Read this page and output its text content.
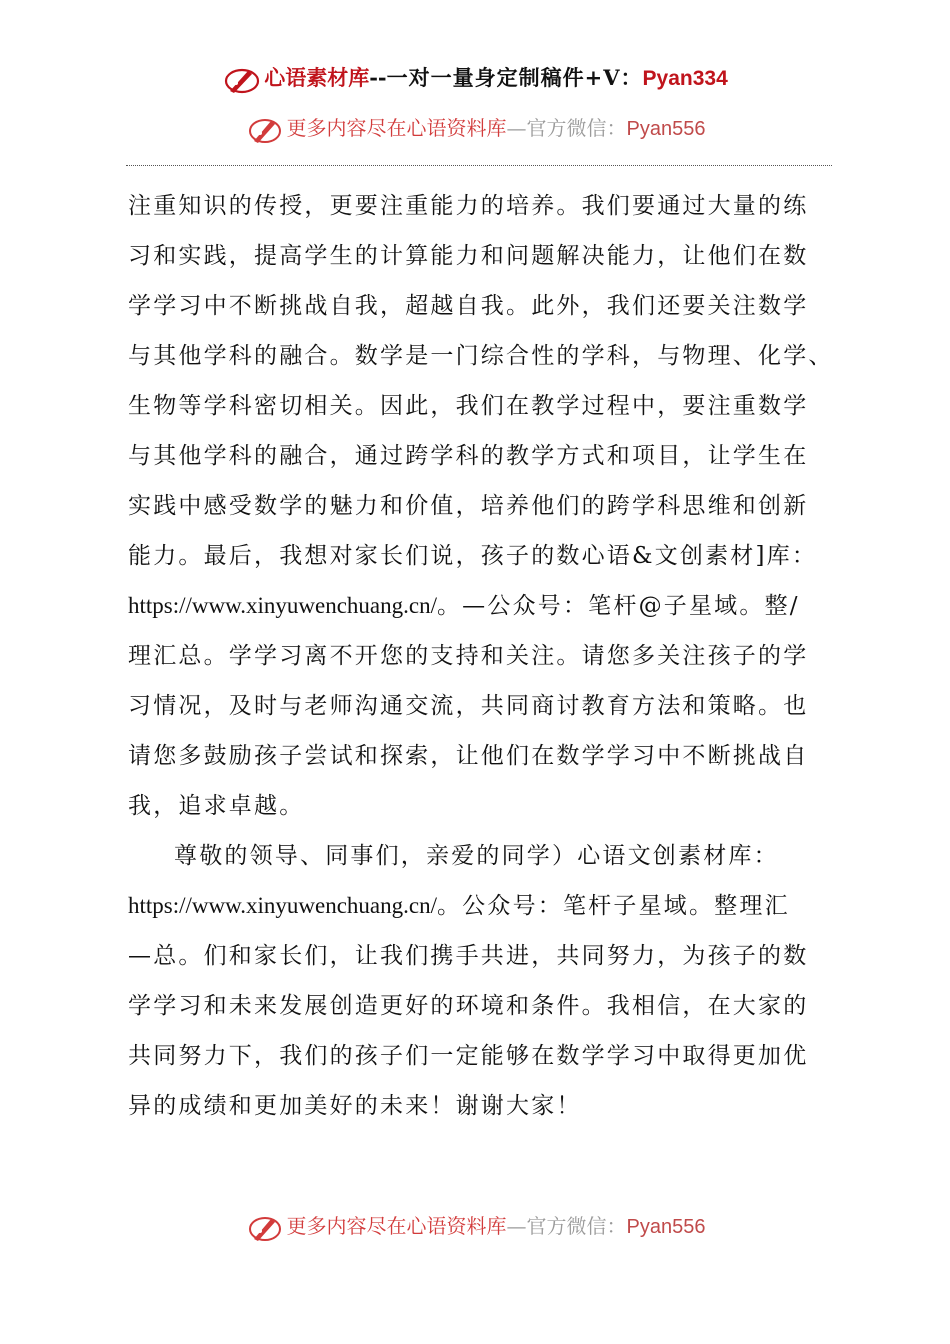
心语素材库--一对一量身定制稿件+V：Pyan334
更多内容尽在心语资料库—官方微信：Pyan556
注重知识的传授，更要注重能力的培养。我们要通过大量的练
习和实践，提高学生的计算能力和问题解决能力，让他们在数
学学习中不断挑战自我，超越自我。此外，我们还要关注数学
与其他学科的融合。数学是一门综合性的学科，与物理、化学、
生物等学科密切相关。因此，我们在教学过程中，要注重数学
与其他学科的融合，通过跨学科的教学方式和项目，让学生在
实践中感受数学的魅力和价值，培养他们的跨学科思维和创新
能力。最后，我想对家长们说，孩子的数心语&文创素材]库：
https://www.xinyuwenchuang.cn/。—公众号：笔杆@子星域。整/
理汇总。学学习离不开您的支持和关注。请您多关注孩子的学
习情况，及时与老师沟通交流，共同商讨教育方法和策略。也
请您多鼓励孩子尝试和探索，让他们在数学学习中不断挑战自
我，追求卓越。
尊敬的领导、同事们，亲爱的同学）心语文创素材库：
https://www.xinyuwenchuang.cn/。公众号：笔杆子星域。整理汇
—总。们和家长们，让我们携手共进，共同努力，为孩子的数
学学习和未来发展创造更好的环境和条件。我相信，在大家的
共同努力下，我们的孩子们一定能够在数学学习中取得更加优
异的成绩和更加美好的未来！谢谢大家！
更多内容尽在心语资料库—官方微信：Pyan556
